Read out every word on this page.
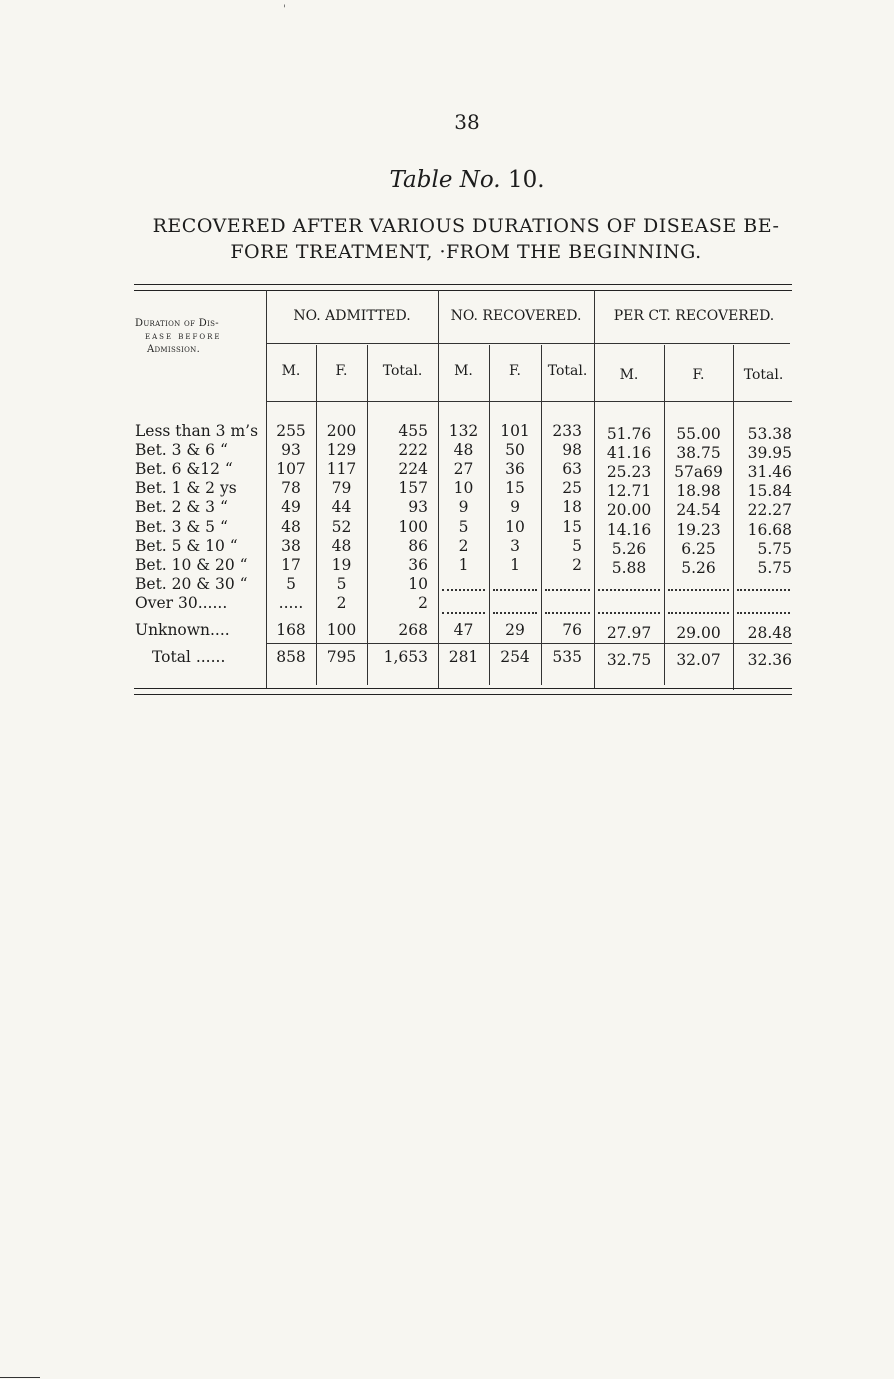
38
Table No. 10.
RECOVERED AFTER VARIOUS DURATIONS OF DISEASE BE-
FORE TREATMENT, ·FROM THE BEGINNING.
Duration of Dis-
ease before
Admission.
NO. ADMITTED.	NO. RECOVERED.	PER CT. RECOVERED.
M.	F.	Total.	M.	F.	Total.	M.	F.	Total.
Less than 3 m’s	255	200	455	132	101	233	51.76	55.00	53.38
Bet. 3 & 6 “	93	129	222	48	50	98	41.16	38.75	39.95
Bet. 6 &12 “	107	117	224	27	36	63	25.23	57a69	31.46
Bet. 1 & 2 ys	78	79	157	10	15	25	12.71	18.98	15.84
Bet. 2 & 3 “	49	44	93	9	9	18	20.00	24.54	22.27
Bet. 3 & 5 “	48	52	100	5	10	15	14.16	19.23	16.68
Bet. 5 & 10 “	38	48	86	2	3	5	5.26	6.25	5.75
Bet. 10 & 20 “	17	19	36	1	1	2	5.88	5.26	5.75
Bet. 20 & 30 “	5	5	10
Over 30......	.....	2	2
Unknown....	168	100	268	47	29	76	27.97	29.00	28.48
Total ......	858	795	1,653	281	254	535	32.75	32.07	32.36
'
